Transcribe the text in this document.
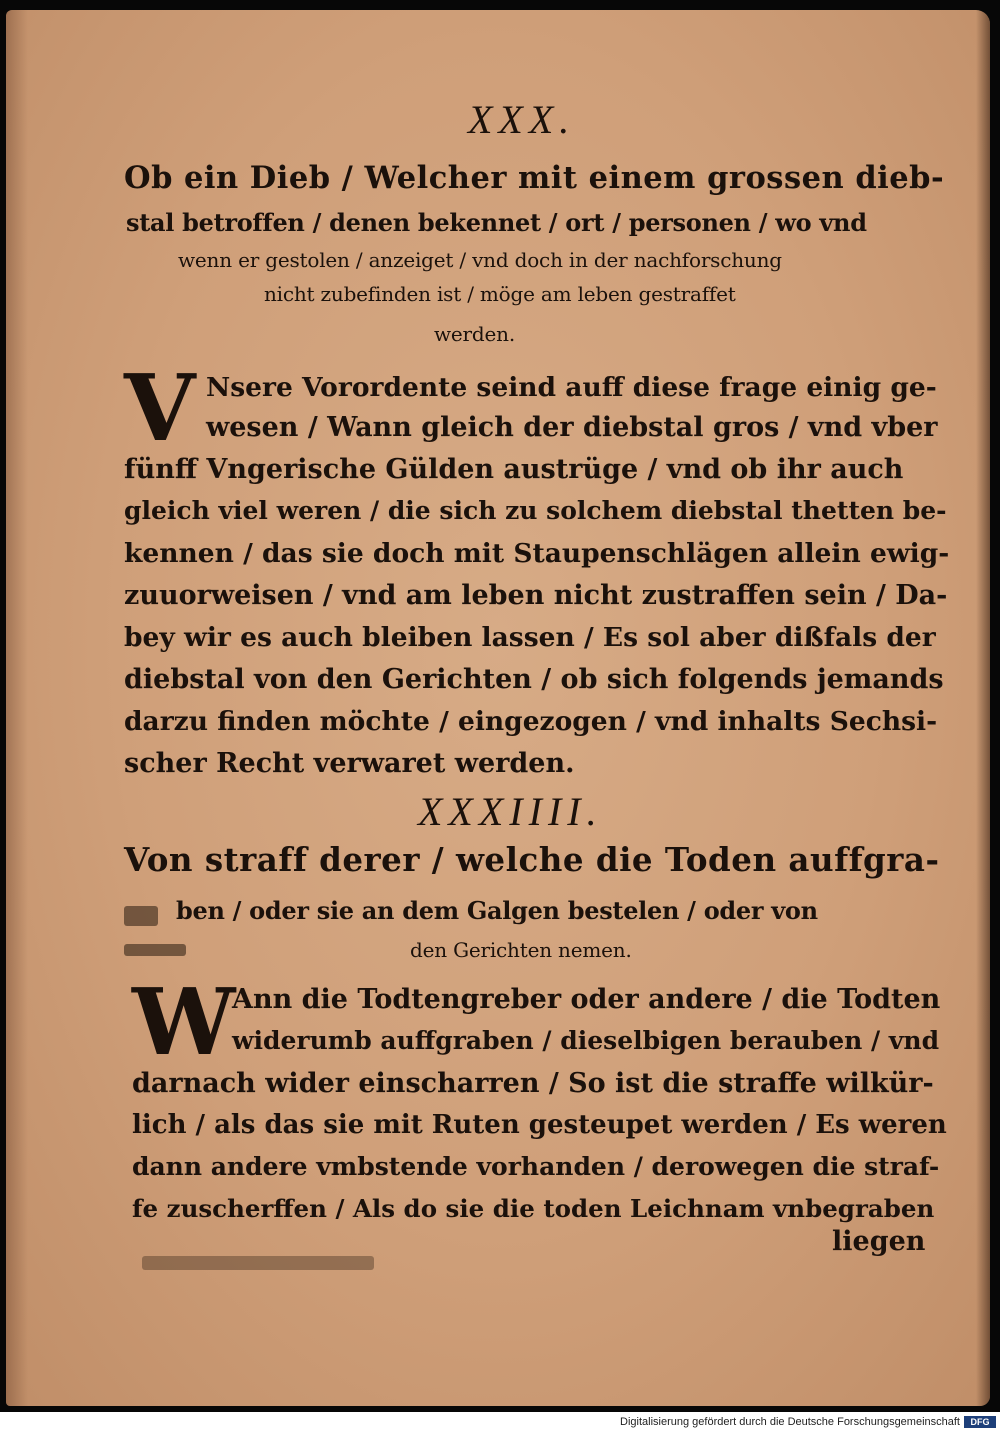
XXX.
Ob ein Dieb / Welcher mit einem grossen dieb-
stal betroffen / denen bekennet / ort / personen / wo vnd
wenn er gestolen / anzeiget / vnd doch in der nachforschung
nicht zubefinden ist / möge am leben gestraffet
werden.
V Nsere Vorordente seind auff diese frage einig ge-
wesen / Wann gleich der diebstal gros / vnd vber
fünff Vngerische Gülden austrüge / vnd ob ihr auch
gleich viel weren / die sich zu solchem diebstal thetten be-
kennen / das sie doch mit Staupenschlägen allein ewig-
zuuorweisen / vnd am leben nicht zustraffen sein / Da-
bey wir es auch bleiben lassen / Es sol aber dißfals der
diebstal von den Gerichten / ob sich folgends jemands
darzu finden möchte / eingezogen / vnd inhalts Sechsi-
scher Recht verwaret werden.
XXXIIII.
Von straff derer / welche die Toden auffgra-
ben / oder sie an dem Galgen bestelen / oder von
den Gerichten nemen.
W
Ann die Todtengreber oder andere / die Todten
widerumb auffgraben / dieselbigen berauben / vnd
darnach wider einscharren / So ist die straffe wilkür-
lich / als das sie mit Ruten gesteupet werden / Es weren
dann andere vmbstende vorhanden / derowegen die straf-
fe zuscherffen / Als do sie die toden Leichnam vnbegraben
liegen
Digitalisierung gefördert durch die Deutsche Forschungsgemeinschaft	DFG
